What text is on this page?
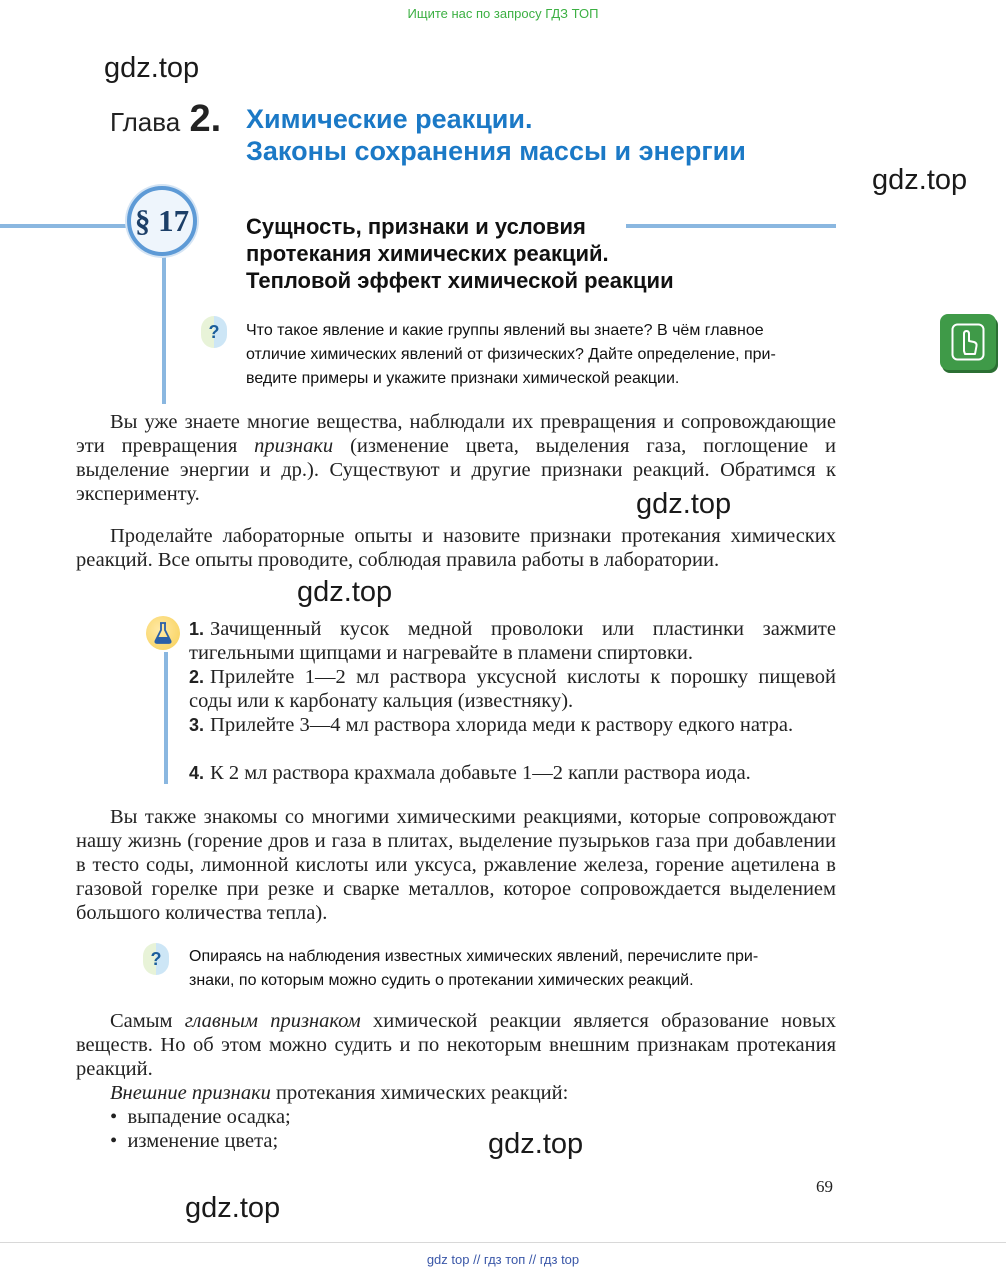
Ищите нас по запросу ГДЗ ТОП
gdz.top
gdz.top
gdz.top
gdz.top
gdz.top
gdz.top
Глава 2. Химические реакции.
Законы сохранения массы и энергии
§ 17	Сущность, признаки и условия
протекания химических реакций.
Тепловой эффект химической реакции
?	Что такое явление и какие группы явлений вы знаете? В чём главное
отличие химических явлений от физических? Дайте определение, при-
ведите примеры и укажите признаки химической реакции.

Вы уже знаете многие вещества, наблюдали их превращения и сопровождающие эти превращения признаки (изменение цвета, выделения газа, поглощение и выделение энергии и др.). Существуют и другие признаки реакций. Обратимся к эксперименту.

Проделайте лабораторные опыты и назовите признаки протекания химических реакций. Все опыты проводите, соблюдая правила работы в лаборатории.

1. Зачищенный кусок медной проволоки или пластинки зажмите тигельными щипцами и нагревайте в пламени спиртовки.
2. Прилейте 1—2 мл раствора уксусной кислоты к порошку пищевой соды или к карбонату кальция (известняку).
3. Прилейте 3—4 мл раствора хлорида меди к раствору едкого натра.
4. К 2 мл раствора крахмала добавьте 1—2 капли раствора иода.

Вы также знакомы со многими химическими реакциями, которые сопровождают нашу жизнь (горение дров и газа в плитах, выделение пузырьков газа при добавлении в тесто соды, лимонной кислоты или уксуса, ржавление железа, горение ацетилена в газовой горелке при резке и сварке металлов, которое сопровождается выделением большого количества тепла).

?	Опираясь на наблюдения известных химических явлений, перечислите при-
знаки, по которым можно судить о протекании химических реакций.

Самым главным признаком химической реакции является образование новых веществ. Но об этом можно судить и по некоторым внешним признакам протекания реакций.

Внешние признаки протекания химических реакций:
•  выпадение осадка;
•  изменение цвета;
69
gdz top // гдз топ // гдз top
